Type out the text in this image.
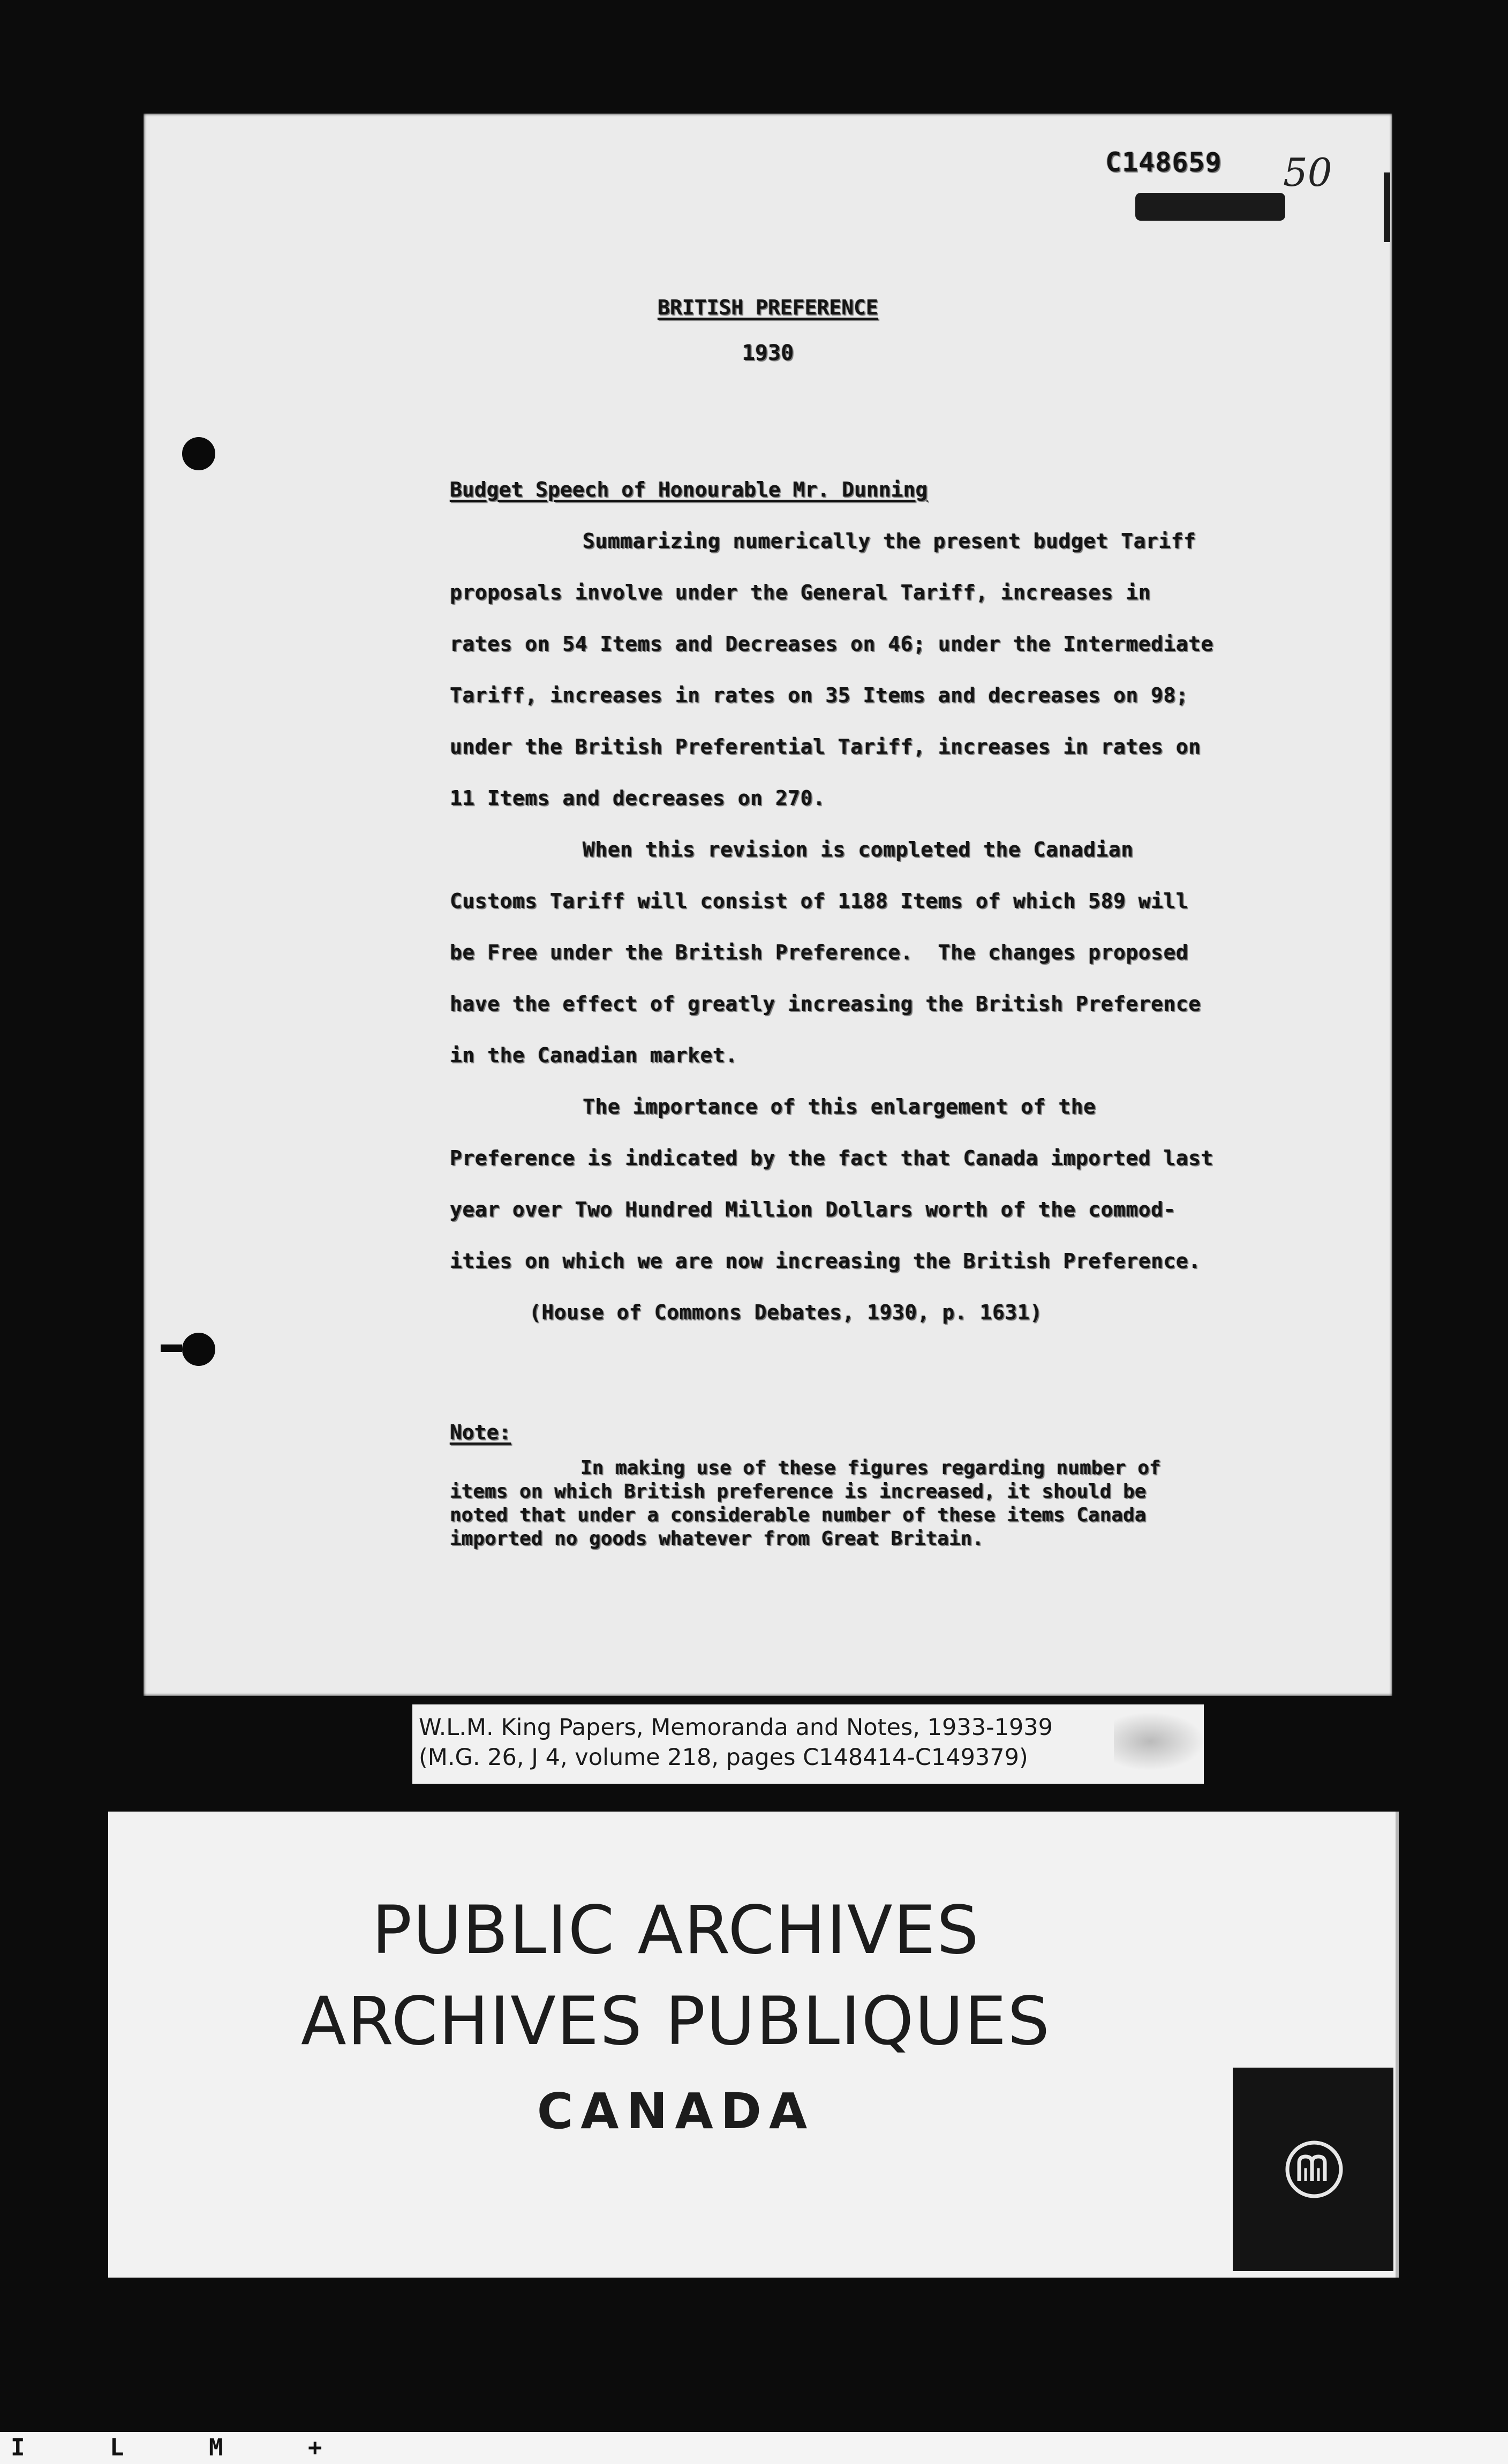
C148659 50
BRITISH PREFERENCE
1930
Budget Speech of Honourable Mr. Dunning
Summarizing numerically the present budget Tariff
proposals involve under the General Tariff, increases in
rates on 54 Items and Decreases on 46; under the Intermediate
Tariff, increases in rates on 35 Items and decreases on 98;
under the British Preferential Tariff, increases in rates on
11 Items and decreases on 270.
When this revision is completed the Canadian
Customs Tariff will consist of 1188 Items of which 589 will
be Free under the British Preference.  The changes proposed
have the effect of greatly increasing the British Preference
in the Canadian market.
The importance of this enlargement of the
Preference is indicated by the fact that Canada imported last
year over Two Hundred Million Dollars worth of the commod-
ities on which we are now increasing the British Preference.
(House of Commons Debates, 1930, p. 1631)
Note:
In making use of these figures regarding number of
items on which British preference is increased, it should be
noted that under a considerable number of these items Canada
imported no goods whatever from Great Britain.
W.L.M. King Papers, Memoranda and Notes, 1933-1939
(M.G. 26, J 4, volume 218, pages C148414-C149379)
PUBLIC ARCHIVES
ARCHIVES PUBLIQUES
CANADA
I L M +
